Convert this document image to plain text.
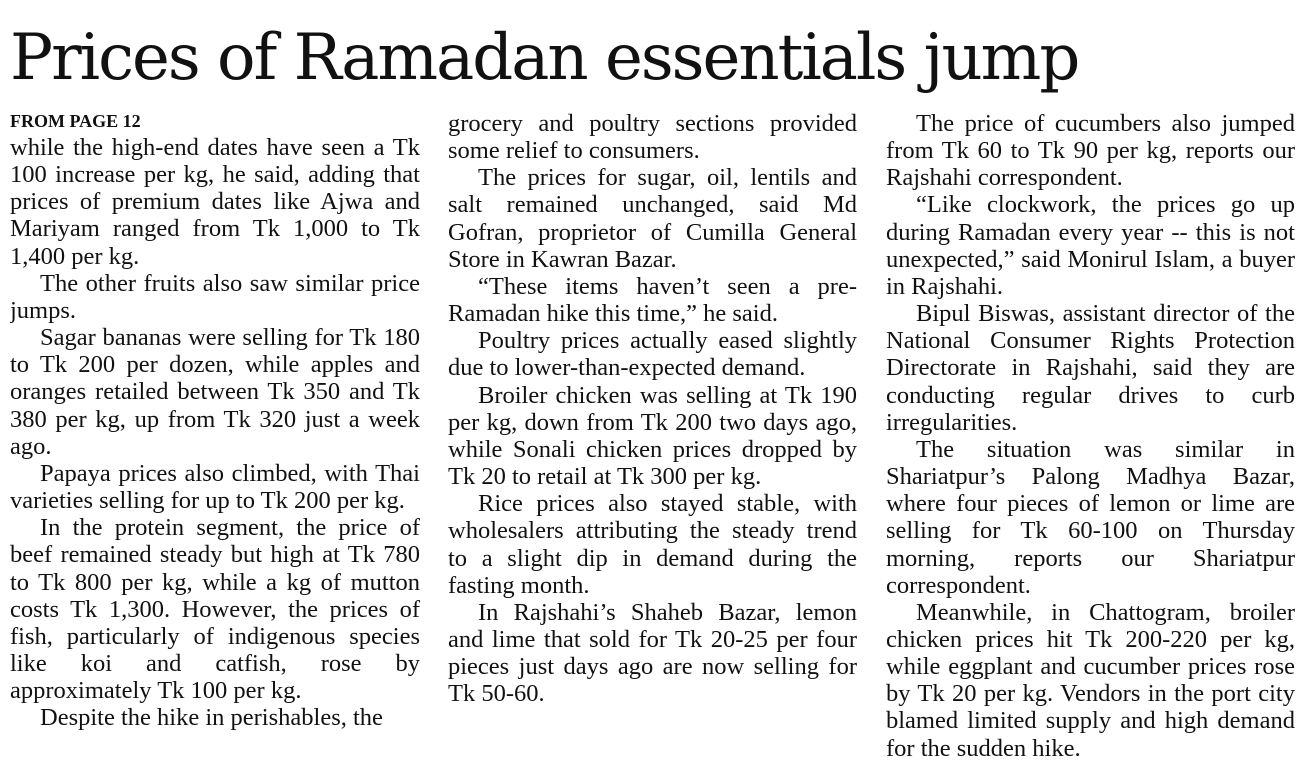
Prices of Ramadan essentials jump
FROM PAGE 12

while the high-end dates have seen a Tk 100 increase per kg, he said, adding that prices of premium dates like Ajwa and Mariyam ranged from Tk 1,000 to Tk 1,400 per kg.

The other fruits also saw similar price jumps.

Sagar bananas were selling for Tk 180 to Tk 200 per dozen, while apples and oranges retailed between Tk 350 and Tk 380 per kg, up from Tk 320 just a week ago.

Papaya prices also climbed, with Thai varieties selling for up to Tk 200 per kg.

In the protein segment, the price of beef remained steady but high at Tk 780 to Tk 800 per kg, while a kg of mutton costs Tk 1,300. However, the prices of fish, particularly of indigenous species like koi and catfish, rose by approximately Tk 100 per kg.

Despite the hike in perishables, the

grocery and poultry sections provided some relief to consumers.

The prices for sugar, oil, lentils and salt remained unchanged, said Md Gofran, proprietor of Cumilla General Store in Kawran Bazar.

“These items haven’t seen a pre-Ramadan hike this time,” he said.

Poultry prices actually eased slightly due to lower-than-expected demand.

Broiler chicken was selling at Tk 190 per kg, down from Tk 200 two days ago, while Sonali chicken prices dropped by Tk 20 to retail at Tk 300 per kg.

Rice prices also stayed stable, with wholesalers attributing the steady trend to a slight dip in demand during the fasting month.

In Rajshahi’s Shaheb Bazar, lemon and lime that sold for Tk 20-25 per four pieces just days ago are now selling for Tk 50-60.

The price of cucumbers also jumped from Tk 60 to Tk 90 per kg, reports our Rajshahi correspondent.

“Like clockwork, the prices go up during Ramadan every year -- this is not unexpected,” said Monirul Islam, a buyer in Rajshahi.

Bipul Biswas, assistant director of the National Consumer Rights Protection Directorate in Rajshahi, said they are conducting regular drives to curb irregularities.

The situation was similar in Shariatpur’s Palong Madhya Bazar, where four pieces of lemon or lime are selling for Tk 60-100 on Thursday morning, reports our Shariatpur correspondent.

Meanwhile, in Chattogram, broiler chicken prices hit Tk 200-220 per kg, while eggplant and cucumber prices rose by Tk 20 per kg. Vendors in the port city blamed limited supply and high demand for the sudden hike.
